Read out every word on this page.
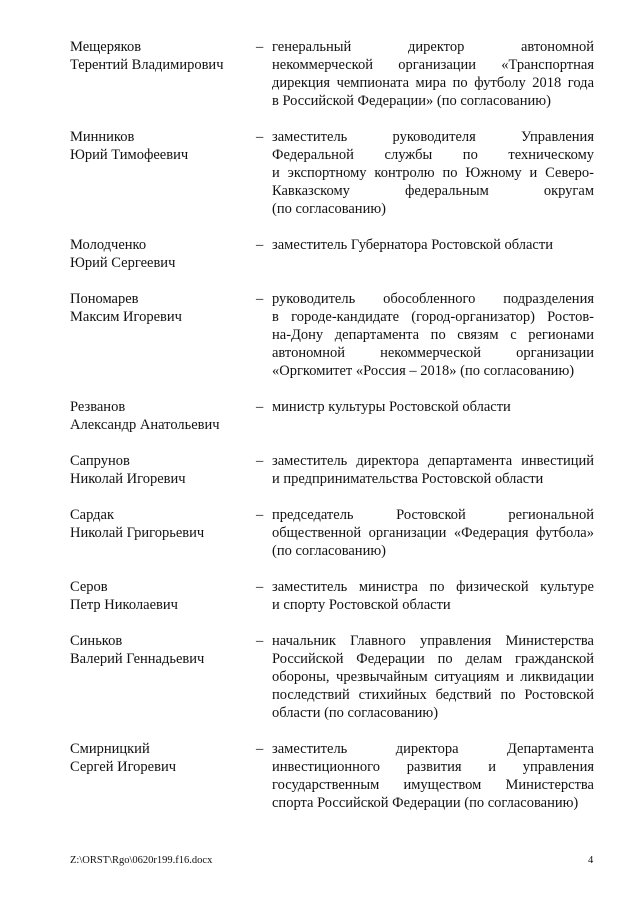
Мещеряков
Терентий Владимирович
– генеральный директор автономной
некоммерческой организации «Транспортная
дирекция чемпионата мира по футболу 2018 года
в Российской Федерации» (по согласованию)
Минников
Юрий Тимофеевич
– заместитель руководителя Управления
Федеральной службы по техническому
и экспортному контролю по Южному и Северо-
Кавказскому федеральным округам
(по согласованию)
Молодченко
Юрий Сергеевич
– заместитель Губернатора Ростовской области
Пономарев
Максим Игоревич
– руководитель обособленного подразделения
в городе-кандидате (город-организатор) Ростов-
на-Дону департамента по связям с регионами
автономной некоммерческой организации
«Оргкомитет «Россия – 2018» (по согласованию)
Резванов
Александр Анатольевич
– министр культуры Ростовской области
Сапрунов
Николай Игоревич
– заместитель директора департамента инвестиций
и предпринимательства Ростовской области
Сардак
Николай Григорьевич
– председатель Ростовской региональной
общественной организации «Федерация футбола»
(по согласованию)
Серов
Петр Николаевич
– заместитель министра по физической культуре
и спорту Ростовской области
Синьков
Валерий Геннадьевич
– начальник Главного управления Министерства
Российской Федерации по делам гражданской
обороны, чрезвычайным ситуациям и ликвидации
последствий стихийных бедствий по Ростовской
области (по согласованию)
Смирницкий
Сергей Игоревич
– заместитель директора Департамента
инвестиционного развития и управления
государственным имуществом Министерства
спорта Российской Федерации (по согласованию)
Z:\ORST\Rgo\0620r199.f16.docx	4
